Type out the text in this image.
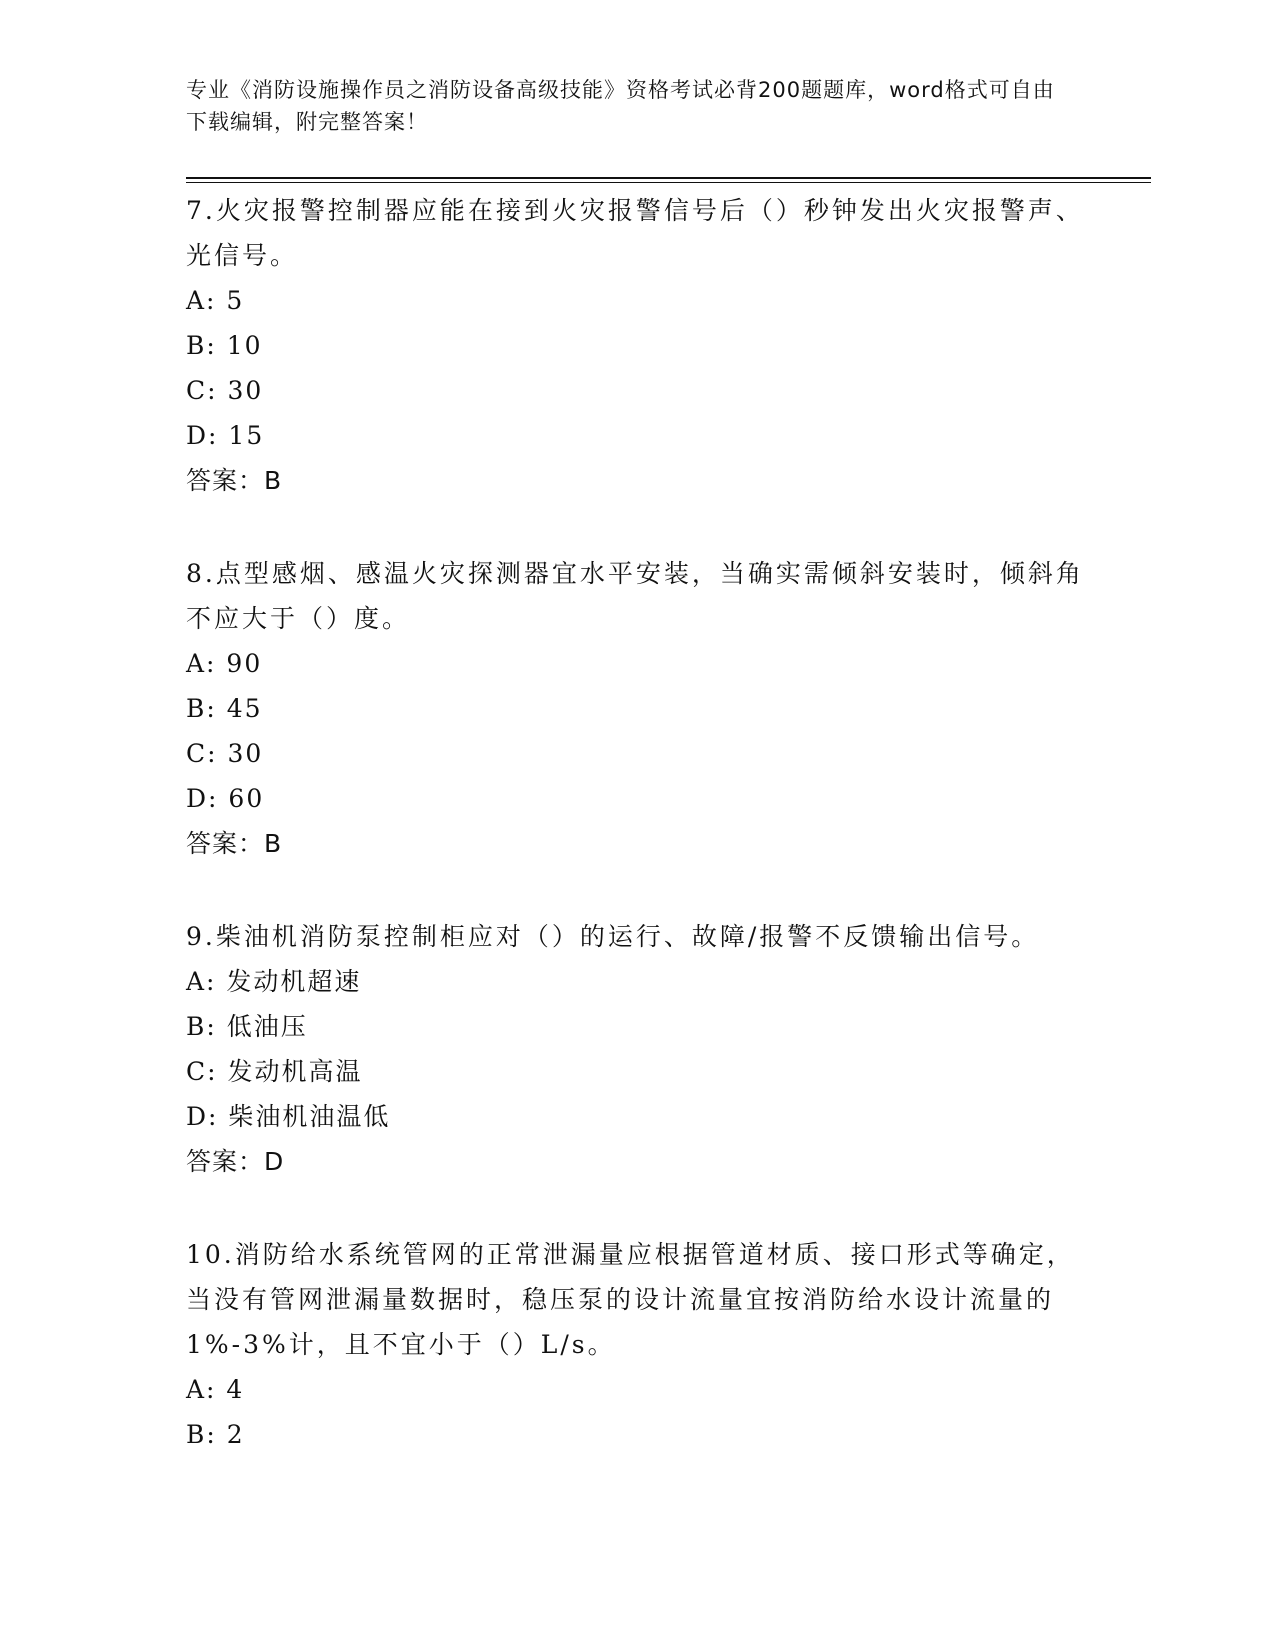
专业《消防设施操作员之消防设备高级技能》资格考试必背200题题库，word格式可自由下载编辑，附完整答案！

7.火灾报警控制器应能在接到火灾报警信号后（）秒钟发出火灾报警声、光信号。

A: 5

B: 10

C: 30

D: 15

答案：B

8.点型感烟、感温火灾探测器宜水平安装，当确实需倾斜安装时，倾斜角不应大于（）度。

A: 90

B: 45

C: 30

D: 60

答案：B

9.柴油机消防泵控制柜应对（）的运行、故障/报警不反馈输出信号。

A: 发动机超速

B: 低油压

C: 发动机高温

D: 柴油机油温低

答案：D

10.消防给水系统管网的正常泄漏量应根据管道材质、接口形式等确定，当没有管网泄漏量数据时，稳压泵的设计流量宜按消防给水设计流量的1%-3%计，且不宜小于（）L/s。

A: 4

B: 2
